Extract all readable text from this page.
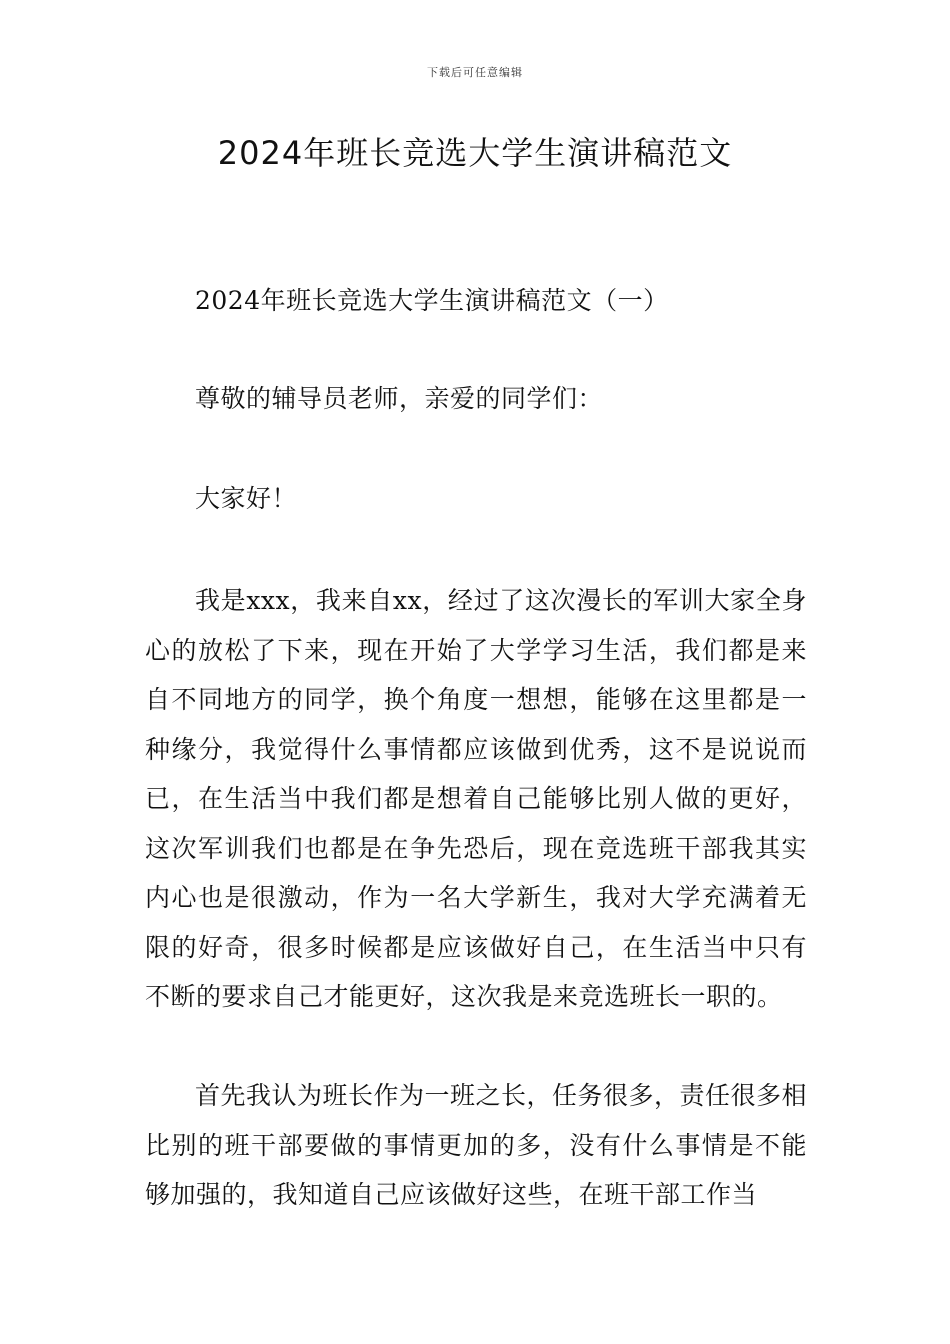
下载后可任意编辑
2024年班长竞选大学生演讲稿范文

2024年班长竞选大学生演讲稿范文（一）

尊敬的辅导员老师，亲爱的同学们：

大家好！

我是xxx，我来自xx，经过了这次漫长的军训大家全身心的放松了下来，现在开始了大学学习生活，我们都是来自不同地方的同学，换个角度一想想，能够在这里都是一种缘分，我觉得什么事情都应该做到优秀，这不是说说而已，在生活当中我们都是想着自己能够比别人做的更好，这次军训我们也都是在争先恐后，现在竞选班干部我其实内心也是很激动，作为一名大学新生，我对大学充满着无限的好奇，很多时候都是应该做好自己，在生活当中只有不断的要求自己才能更好，这次我是来竞选班长一职的。

首先我认为班长作为一班之长，任务很多，责任很多相比别的班干部要做的事情更加的多，没有什么事情是不能够加强的，我知道自己应该做好这些，在班干部工作当
